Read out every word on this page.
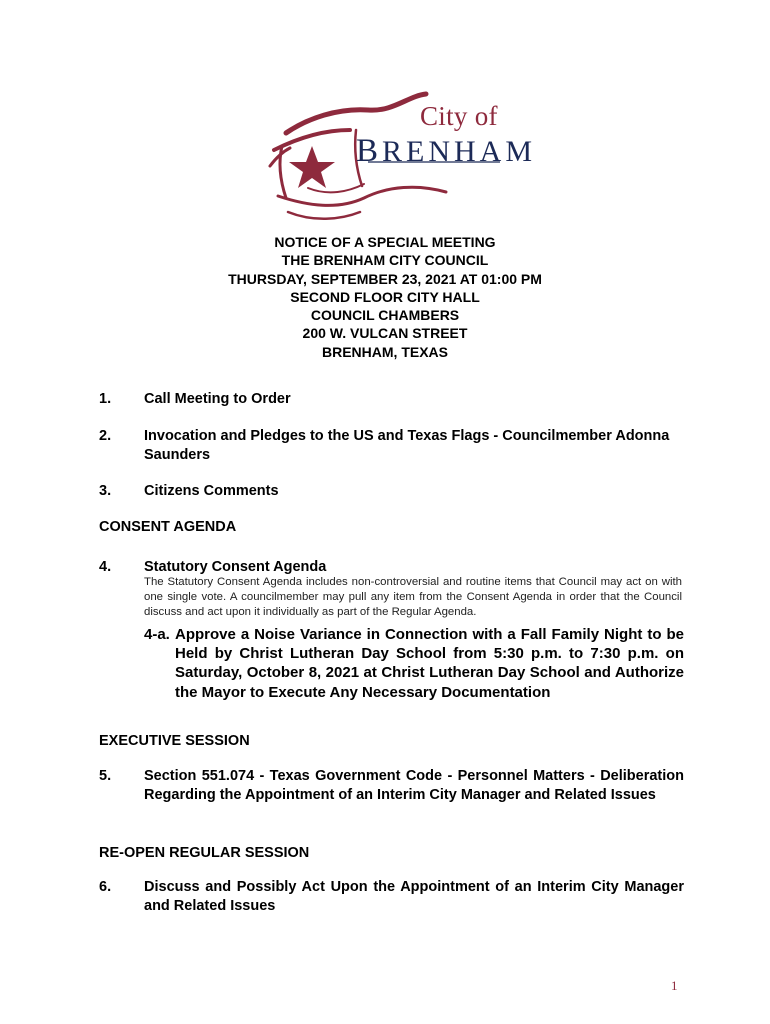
City of
BRENHAM
NOTICE OF A SPECIAL MEETING
THE BRENHAM CITY COUNCIL
THURSDAY, SEPTEMBER 23, 2021 AT 01:00 PM
SECOND FLOOR CITY HALL
COUNCIL CHAMBERS
200 W. VULCAN STREET
BRENHAM, TEXAS
1. Call Meeting to Order
2. Invocation and Pledges to the US and Texas Flags - Councilmember Adonna Saunders
3. Citizens Comments
CONSENT AGENDA
4. Statutory Consent Agenda
The Statutory Consent Agenda includes non-controversial and routine items that Council may act on with one single vote. A councilmember may pull any item from the Consent Agenda in order that the Council discuss and act upon it individually as part of the Regular Agenda.
4-a. Approve a Noise Variance in Connection with a Fall Family Night to be Held by Christ Lutheran Day School from 5:30 p.m. to 7:30 p.m. on Saturday, October 8, 2021 at Christ Lutheran Day School and Authorize the Mayor to Execute Any Necessary Documentation
EXECUTIVE SESSION
5. Section 551.074 - Texas Government Code - Personnel Matters - Deliberation Regarding the Appointment of an Interim City Manager and Related Issues
RE-OPEN REGULAR SESSION
6. Discuss and Possibly Act Upon the Appointment of an Interim City Manager and Related Issues
1
